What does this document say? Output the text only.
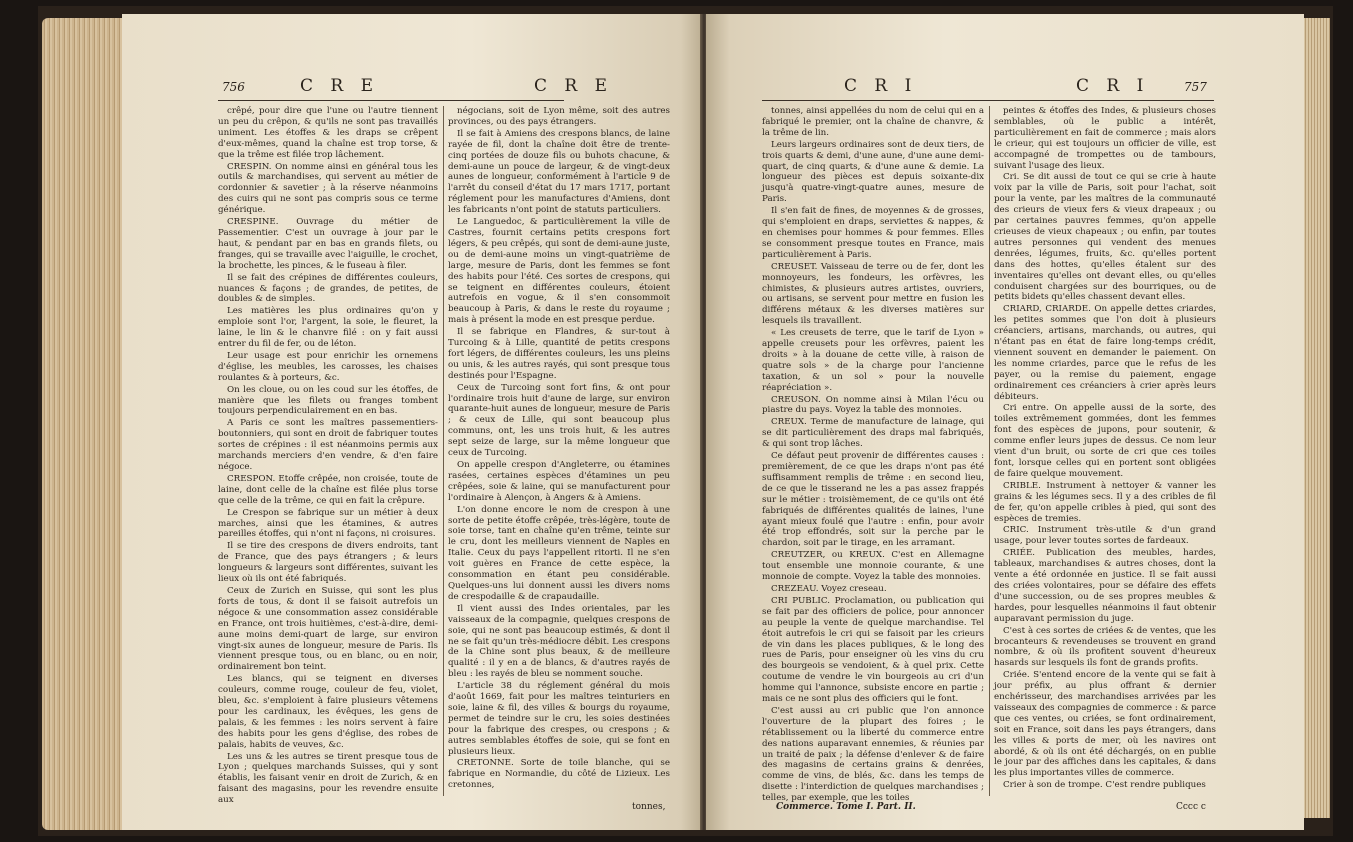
756	C R E	C R E

crêpé, pour dire que l'une ou l'autre tiennent un peu du crêpon, & qu'ils ne sont pas travaillés uniment. Les étoffes & les draps se crêpent d'eux-mêmes, quand la chaîne est trop torse, & que la trême est filée trop lâchement.

CRESPIN. On nomme ainsi en général tous les outils & marchandises, qui servent au métier de cordonnier & savetier ; à la réserve néanmoins des cuirs qui ne sont pas compris sous ce terme générique.

CRESPINE. Ouvrage du métier de Passementier. C'est un ouvrage à jour par le haut, & pendant par en bas en grands filets, ou franges, qui se travaille avec l'aiguille, le crochet, la brochette, les pinces, & le fuseau à filer.

Il se fait des crépines de différentes couleurs, nuances & façons ; de grandes, de petites, de doubles & de simples.

Les matières les plus ordinaires qu'on y emploie sont l'or, l'argent, la soie, le fleuret, la laine, le lin & le chanvre filé : on y fait aussi entrer du fil de fer, ou de léton.

Leur usage est pour enrichir les ornemens d'église, les meubles, les carosses, les chaises roulantes & à porteurs, &c.

On les cloue, ou on les coud sur les étoffes, de manière que les filets ou franges tombent toujours perpendiculairement en en bas.

A Paris ce sont les maîtres passementiers-boutonniers, qui sont en droit de fabriquer toutes sortes de crépines : il est néanmoins permis aux marchands merciers d'en vendre, & d'en faire négoce.

CRESPON. Etoffe crêpée, non croisée, toute de laine, dont celle de la chaîne est filée plus torse que celle de la trême, ce qui en fait la crêpure.

Le Crespon se fabrique sur un métier à deux marches, ainsi que les étamines, & autres pareilles étoffes, qui n'ont ni façons, ni croisures.

Il se tire des crespons de divers endroits, tant de France, que des pays étrangers ; & leurs longueurs & largeurs sont différentes, suivant les lieux où ils ont été fabriqués.

Ceux de Zurich en Suisse, qui sont les plus forts de tous, & dont il se faisoit autrefois un négoce & une consommation assez considérable en France, ont trois huitièmes, c'est-à-dire, demi-aune moins demi-quart de large, sur environ vingt-six aunes de longueur, mesure de Paris. Ils viennent presque tous, ou en blanc, ou en noir, ordinairement bon teint.

Les blancs, qui se teignent en diverses couleurs, comme rouge, couleur de feu, violet, bleu, &c. s'emploient à faire plusieurs vêtemens pour les cardinaux, les évêques, les gens de palais, & les femmes : les noirs servent à faire des habits pour les gens d'église, des robes de palais, habits de veuves, &c.

Les uns & les autres se tirent presque tous de Lyon ; quelques marchands Suisses, qui y sont établis, les faisant venir en droit de Zurich, & en faisant des magasins, pour les revendre ensuite aux

négocians, soit de Lyon même, soit des autres provinces, ou des pays étrangers.

Il se fait à Amiens des crespons blancs, de laine rayée de fil, dont la chaîne doit être de trente-cinq portées de douze fils ou buhots chacune, & demi-aune un pouce de largeur, & de vingt-deux aunes de longueur, conformément à l'article 9 de l'arrêt du conseil d'état du 17 mars 1717, portant réglement pour les manufactures d'Amiens, dont les fabricants n'ont point de statuts particuliers.

Le Languedoc, & particulièrement la ville de Castres, fournit certains petits crespons fort légers, & peu crêpés, qui sont de demi-aune juste, ou de demi-aune moins un vingt-quatrième de large, mesure de Paris, dont les femmes se font des habits pour l'été. Ces sortes de crespons, qui se teignent en différentes couleurs, étoient autrefois en vogue, & il s'en consommoit beaucoup à Paris, & dans le reste du royaume ; mais à présent la mode en est presque perdue.

Il se fabrique en Flandres, & sur-tout à Turcoing & à Lille, quantité de petits crespons fort légers, de différentes couleurs, les uns pleins ou unis, & les autres rayés, qui sont presque tous destinés pour l'Espagne.

Ceux de Turcoing sont fort fins, & ont pour l'ordinaire trois huit d'aune de large, sur environ quarante-huit aunes de longueur, mesure de Paris ; & ceux de Lille, qui sont beaucoup plus communs, ont, les uns trois huit, & les autres sept seize de large, sur la même longueur que ceux de Turcoing.

On appelle crespon d'Angleterre, ou étamines rasées, certaines espèces d'étamines un peu crêpées, soie & laine, qui se manufacturent pour l'ordinaire à Alençon, à Angers & à Amiens.

L'on donne encore le nom de crespon à une sorte de petite étoffe crêpée, très-légère, toute de soie torse, tant en chaîne qu'en trême, teinte sur le cru, dont les meilleurs viennent de Naples en Italie. Ceux du pays l'appellent ritorti. Il ne s'en voit guères en France de cette espèce, la consommation en étant peu considérable. Quelques-uns lui donnent aussi les divers noms de crespodaille & de crapaudaille.

Il vient aussi des Indes orientales, par les vaisseaux de la compagnie, quelques crespons de soie, qui ne sont pas beaucoup estimés, & dont il ne se fait qu'un très-médiocre débit. Les crespons de la Chine sont plus beaux, & de meilleure qualité : il y en a de blancs, & d'autres rayés de bleu : les rayés de bleu se nomment souche.

L'article 38 du réglement général du mois d'août 1669, fait pour les maîtres teinturiers en soie, laine & fil, des villes & bourgs du royaume, permet de teindre sur le cru, les soies destinées pour la fabrique des crespes, ou crespons ; & autres semblables étoffes de soie, qui se font en plusieurs lieux.

CRETONNE. Sorte de toile blanche, qui se fabrique en Normandie, du côté de Lizieux. Les cretonnes,

tonnes,
C R I	C R I	757

tonnes, ainsi appellées du nom de celui qui en a fabriqué le premier, ont la chaîne de chanvre, & la trême de lin.

Leurs largeurs ordinaires sont de deux tiers, de trois quarts & demi, d'une aune, d'une aune demi-quart, de cinq quarts, & d'une aune & demie. La longueur des pièces est depuis soixante-dix jusqu'à quatre-vingt-quatre aunes, mesure de Paris.

Il s'en fait de fines, de moyennes & de grosses, qui s'emploient en draps, serviettes & nappes, & en chemises pour hommes & pour femmes. Elles se consomment presque toutes en France, mais particulièrement à Paris.

CREUSET. Vaisseau de terre ou de fer, dont les monnoyeurs, les fondeurs, les orfèvres, les chimistes, & plusieurs autres artistes, ouvriers, ou artisans, se servent pour mettre en fusion les différens métaux & les diverses matières sur lesquels ils travaillent.

« Les creusets de terre, que le tarif de Lyon » appelle creusets pour les orfèvres, paient les droits » à la douane de cette ville, à raison de quatre sols » de la charge pour l'ancienne taxation, & un sol » pour la nouvelle réapréciation ».

CREUSON. On nomme ainsi à Milan l'écu ou piastre du pays. Voyez la table des monnoies.

CREUX. Terme de manufacture de lainage, qui se dit particulièrement des draps mal fabriqués, & qui sont trop lâches.

Ce défaut peut provenir de différentes causes : premièrement, de ce que les draps n'ont pas été suffisamment remplis de trême : en second lieu, de ce que le tisserand ne les a pas assez frappés sur le métier : troisièmement, de ce qu'ils ont été fabriqués de différentes qualités de laines, l'une ayant mieux foulé que l'autre : enfin, pour avoir été trop effondrés, soit sur la perche par le chardon, soit par le tirage, en les arramant.

CREUTZER, ou KREUX. C'est en Allemagne tout ensemble une monnoie courante, & une monnoie de compte. Voyez la table des monnoies.

CREZEAU. Voyez creseau.

CRI PUBLIC. Proclamation, ou publication qui se fait par des officiers de police, pour annoncer au peuple la vente de quelque marchandise. Tel étoit autrefois le cri qui se faisoit par les crieurs de vin dans les places publiques, & le long des rues de Paris, pour enseigner où les vins du cru des bourgeois se vendoient, & à quel prix. Cette coutume de vendre le vin bourgeois au cri d'un homme qui l'annonce, subsiste encore en partie ; mais ce ne sont plus des officiers qui le font.

C'est aussi au cri public que l'on annonce l'ouverture de la plupart des foires ; le rétablissement ou la liberté du commerce entre des nations auparavant ennemies, & réunies par un traité de paix ; la défense d'enlever & de faire des magasins de certains grains & denrées, comme de vins, de blés, &c. dans les temps de disette : l'interdiction de quelques marchandises ; telles, par exemple, que les toiles

peintes & étoffes des Indes, & plusieurs choses semblables, où le public a intérêt, particulièrement en fait de commerce ; mais alors le crieur, qui est toujours un officier de ville, est accompagné de trompettes ou de tambours, suivant l'usage des lieux.

Cri. Se dit aussi de tout ce qui se crie à haute voix par la ville de Paris, soit pour l'achat, soit pour la vente, par les maîtres de la communauté des crieurs de vieux fers & vieux drapeaux ; ou par certaines pauvres femmes, qu'on appelle crieuses de vieux chapeaux ; ou enfin, par toutes autres personnes qui vendent des menues denrées, légumes, fruits, &c. qu'elles portent dans des hottes, qu'elles étalent sur des inventaires qu'elles ont devant elles, ou qu'elles conduisent chargées sur des bourriques, ou de petits bidets qu'elles chassent devant elles.

CRIARD, CRIARDE. On appelle dettes criardes, les petites sommes que l'on doit à plusieurs créanciers, artisans, marchands, ou autres, qui n'étant pas en état de faire long-temps crédit, viennent souvent en demander le paiement. On les nomme criardes, parce que le refus de les payer, ou la remise du paiement, engage ordinairement ces créanciers à crier après leurs débiteurs.

Cri entre. On appelle aussi de la sorte, des toiles extrêmement gommées, dont les femmes font des espèces de jupons, pour soutenir, & comme enfler leurs jupes de dessus. Ce nom leur vient d'un bruit, ou sorte de cri que ces toiles font, lorsque celles qui en portent sont obligées de faire quelque mouvement.

CRIBLE. Instrument à nettoyer & vanner les grains & les légumes secs. Il y a des cribles de fil de fer, qu'on appelle cribles à pied, qui sont des espèces de tremies.

CRIC. Instrument très-utile & d'un grand usage, pour lever toutes sortes de fardeaux.

CRIÉE. Publication des meubles, hardes, tableaux, marchandises & autres choses, dont la vente a été ordonnée en justice. Il se fait aussi des criées volontaires, pour se défaire des effets d'une succession, ou de ses propres meubles & hardes, pour lesquelles néanmoins il faut obtenir auparavant permission du juge.

C'est à ces sortes de criées & de ventes, que les brocanteurs & revendeuses se trouvent en grand nombre, & où ils profitent souvent d'heureux hasards sur lesquels ils font de grands profits.

Criée. S'entend encore de la vente qui se fait à jour préfix, au plus offrant & dernier enchérisseur, des marchandises arrivées par les vaisseaux des compagnies de commerce : & parce que ces ventes, ou criées, se font ordinairement, soit en France, soit dans les pays étrangers, dans les villes & ports de mer, où les navires ont abordé, & où ils ont été déchargés, on en publie le jour par des affiches dans les capitales, & dans les plus importantes villes de commerce.

Crier à son de trompe. C'est rendre publiques

Commerce. Tome I. Part. II.	Cccc c
